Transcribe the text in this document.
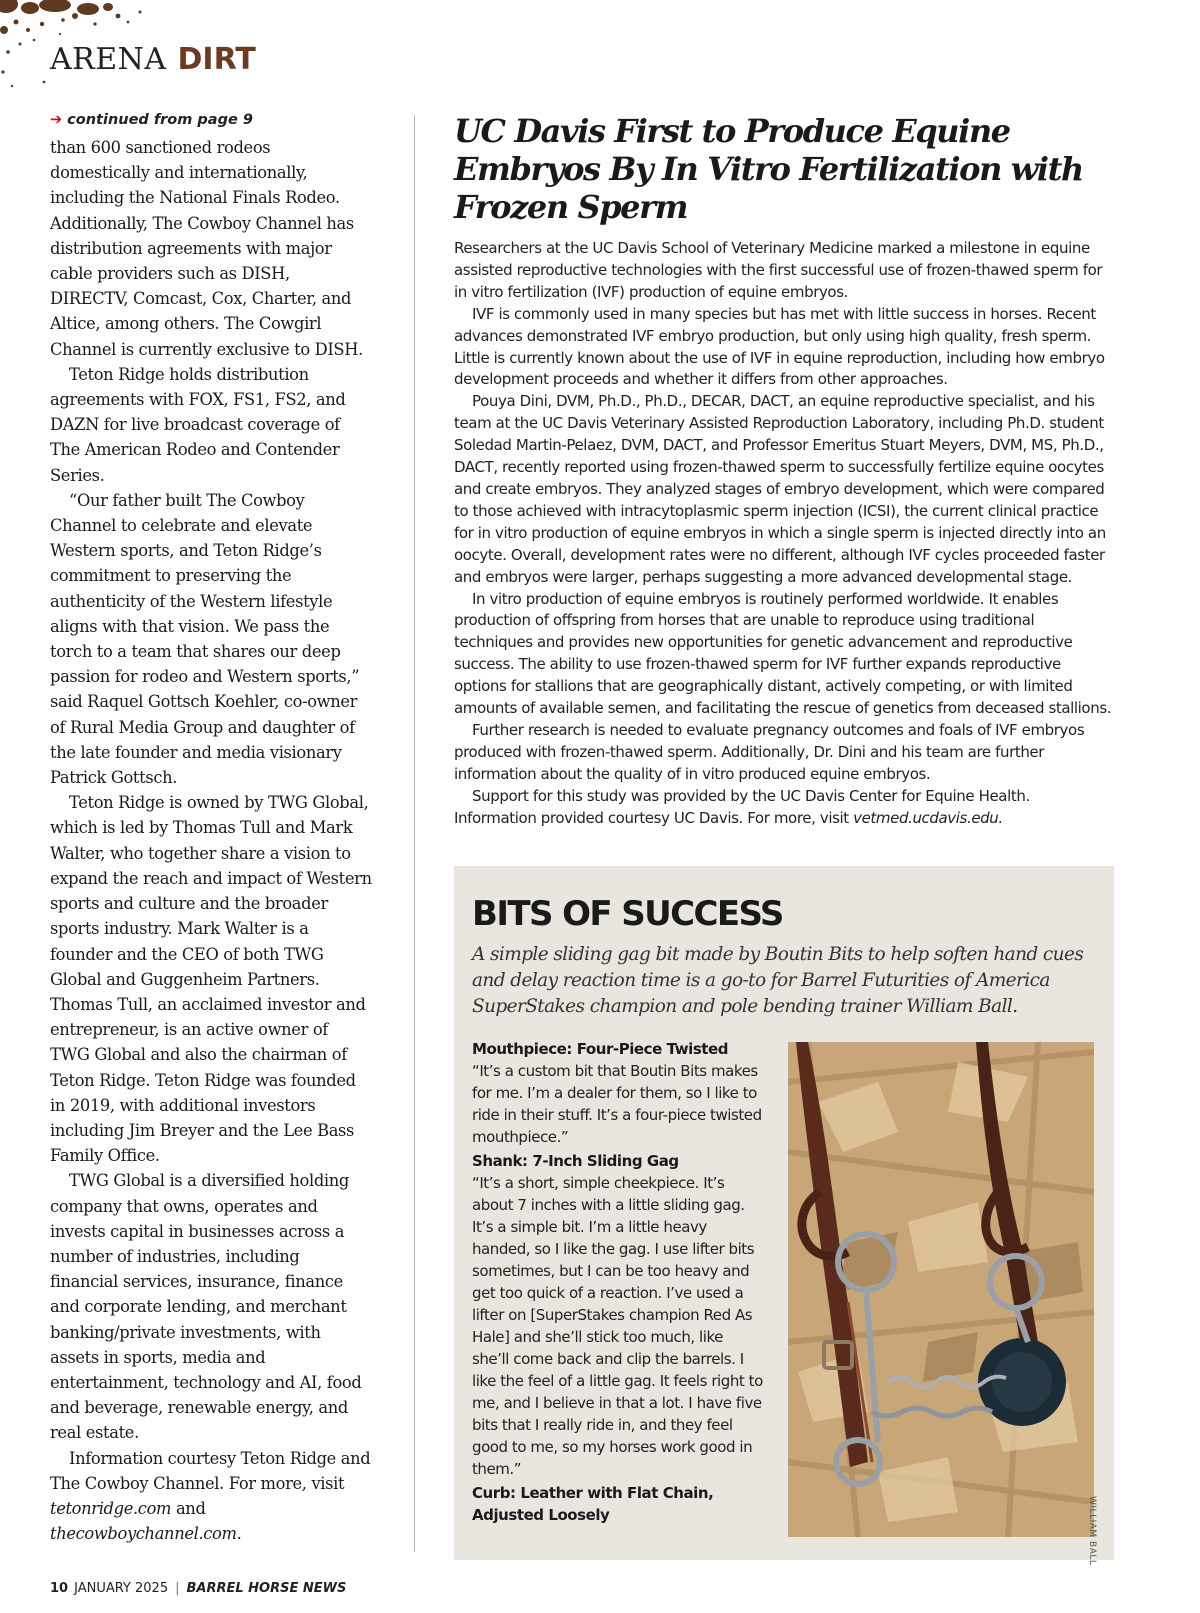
ARENA DIRT

➔ continued from page 9

than 600 sanctioned rodeos domestically and internationally, including the National Finals Rodeo. Additionally, The Cowboy Channel has distribution agreements with major cable providers such as DISH, DIRECTV, Comcast, Cox, Charter, and Altice, among others. The Cowgirl Channel is currently exclusive to DISH.

Teton Ridge holds distribution agreements with FOX, FS1, FS2, and DAZN for live broadcast coverage of The American Rodeo and Contender Series.

“Our father built The Cowboy Channel to celebrate and elevate Western sports, and Teton Ridge’s commitment to preserving the authenticity of the Western lifestyle aligns with that vision. We pass the torch to a team that shares our deep passion for rodeo and Western sports,” said Raquel Gottsch Koehler, co-owner of Rural Media Group and daughter of the late founder and media visionary Patrick Gottsch.

Teton Ridge is owned by TWG Global, which is led by Thomas Tull and Mark Walter, who together share a vision to expand the reach and impact of Western sports and culture and the broader sports industry. Mark Walter is a founder and the CEO of both TWG Global and Guggenheim Partners. Thomas Tull, an acclaimed investor and entrepreneur, is an active owner of TWG Global and also the chairman of Teton Ridge. Teton Ridge was founded in 2019, with additional investors including Jim Breyer and the Lee Bass Family Office.

TWG Global is a diversified holding company that owns, operates and invests capital in businesses across a number of industries, including financial services, insurance, finance and corporate lending, and merchant banking/private investments, with assets in sports, media and entertainment, technology and AI, food and beverage, renewable energy, and real estate.

Information courtesy Teton Ridge and The Cowboy Channel. For more, visit tetonridge.com and thecowboychannel.com.

UC Davis First to Produce Equine Embryos By In Vitro Fertilization with Frozen Sperm

Researchers at the UC Davis School of Veterinary Medicine marked a milestone in equine assisted reproductive technologies with the first successful use of frozen-thawed sperm for in vitro fertilization (IVF) production of equine embryos.

IVF is commonly used in many species but has met with little success in horses. Recent advances demonstrated IVF embryo production, but only using high quality, fresh sperm. Little is currently known about the use of IVF in equine reproduction, including how embryo development proceeds and whether it differs from other approaches.

Pouya Dini, DVM, Ph.D., Ph.D., DECAR, DACT, an equine reproductive specialist, and his team at the UC Davis Veterinary Assisted Reproduction Laboratory, including Ph.D. student Soledad Martin-Pelaez, DVM, DACT, and Professor Emeritus Stuart Meyers, DVM, MS, Ph.D., DACT, recently reported using frozen-thawed sperm to successfully fertilize equine oocytes and create embryos. They analyzed stages of embryo development, which were compared to those achieved with intracytoplasmic sperm injection (ICSI), the current clinical practice for in vitro production of equine embryos in which a single sperm is injected directly into an oocyte. Overall, development rates were no different, although IVF cycles proceeded faster and embryos were larger, perhaps suggesting a more advanced developmental stage.

In vitro production of equine embryos is routinely performed worldwide. It enables production of offspring from horses that are unable to reproduce using traditional techniques and provides new opportunities for genetic advancement and reproductive success. The ability to use frozen-thawed sperm for IVF further expands reproductive options for stallions that are geographically distant, actively competing, or with limited amounts of available semen, and facilitating the rescue of genetics from deceased stallions.

Further research is needed to evaluate pregnancy outcomes and foals of IVF embryos produced with frozen-thawed sperm. Additionally, Dr. Dini and his team are further information about the quality of in vitro produced equine embryos.

Support for this study was provided by the UC Davis Center for Equine Health. Information provided courtesy UC Davis. For more, visit vetmed.ucdavis.edu.

BITS OF SUCCESS

A simple sliding gag bit made by Boutin Bits to help soften hand cues and delay reaction time is a go-to for Barrel Futurities of America SuperStakes champion and pole bending trainer William Ball.

Mouthpiece: Four-Piece Twisted

“It’s a custom bit that Boutin Bits makes for me. I’m a dealer for them, so I like to ride in their stuff. It’s a four-piece twisted mouthpiece.”

Shank: 7-Inch Sliding Gag

“It’s a short, simple cheekpiece. It’s about 7 inches with a little sliding gag. It’s a simple bit. I’m a little heavy handed, so I like the gag. I use lifter bits sometimes, but I can be too heavy and get too quick of a reaction. I’ve used a lifter on [SuperStakes champion Red As Hale] and she’ll stick too much, like she’ll come back and clip the barrels. I like the feel of a little gag. It feels right to me, and I believe in that a lot. I have five bits that I really ride in, and they feel good to me, so my horses work good in them.”

Curb: Leather with Flat Chain, Adjusted Loosely	WILLIAM BALL
10 JANUARY 2025 | BARREL HORSE NEWS
